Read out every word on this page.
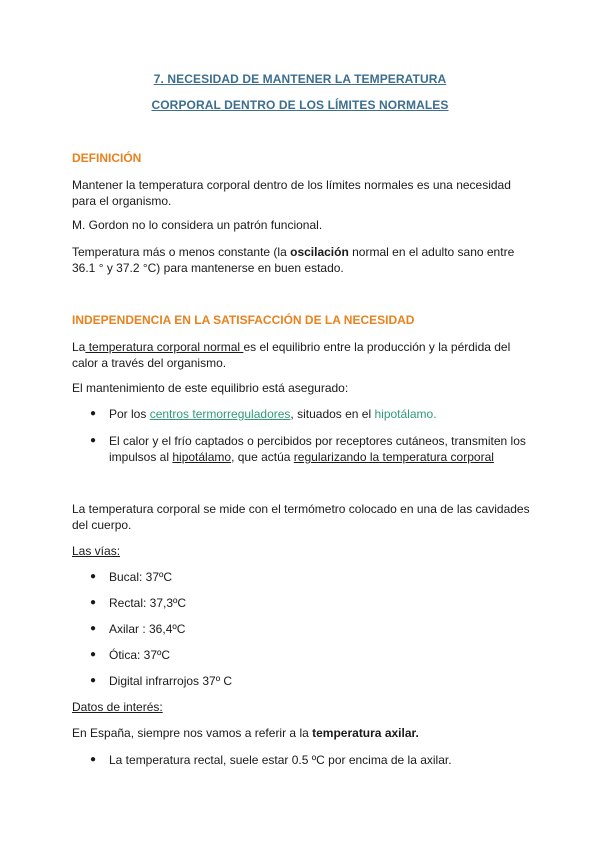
7. NECESIDAD DE MANTENER LA TEMPERATURA
CORPORAL DENTRO DE LOS LÍMITES NORMALES
DEFINICIÓN

Mantener la temperatura corporal dentro de los límites normales es una necesidad para el organismo.

M. Gordon no lo considera un patrón funcional.

Temperatura más o menos constante (la oscilación normal en el adulto sano entre 36.1 ° y 37.2 °C) para mantenerse en buen estado.

INDEPENDENCIA EN LA SATISFACCIÓN DE LA NECESIDAD

La temperatura corporal normal es el equilibrio entre la producción y la pérdida del calor a través del organismo.

El mantenimiento de este equilibrio está asegurado:

● Por los centros termorreguladores, situados en el hipotálamo.
● El calor y el frío captados o percibidos por receptores cutáneos, transmiten los impulsos al hipotálamo, que actúa regularizando la temperatura corporal

La temperatura corporal se mide con el termómetro colocado en una de las cavidades del cuerpo.

Las vías:
● Bucal: 37ºC
● Rectal: 37,3ºC
● Axilar : 36,4ºC
● Ótica: 37ºC
● Digital infrarrojos 37º C
Datos de interés:

En España, siempre nos vamos a referir a la temperatura axilar.

● La temperatura rectal, suele estar 0.5 ºC por encima de la axilar.
